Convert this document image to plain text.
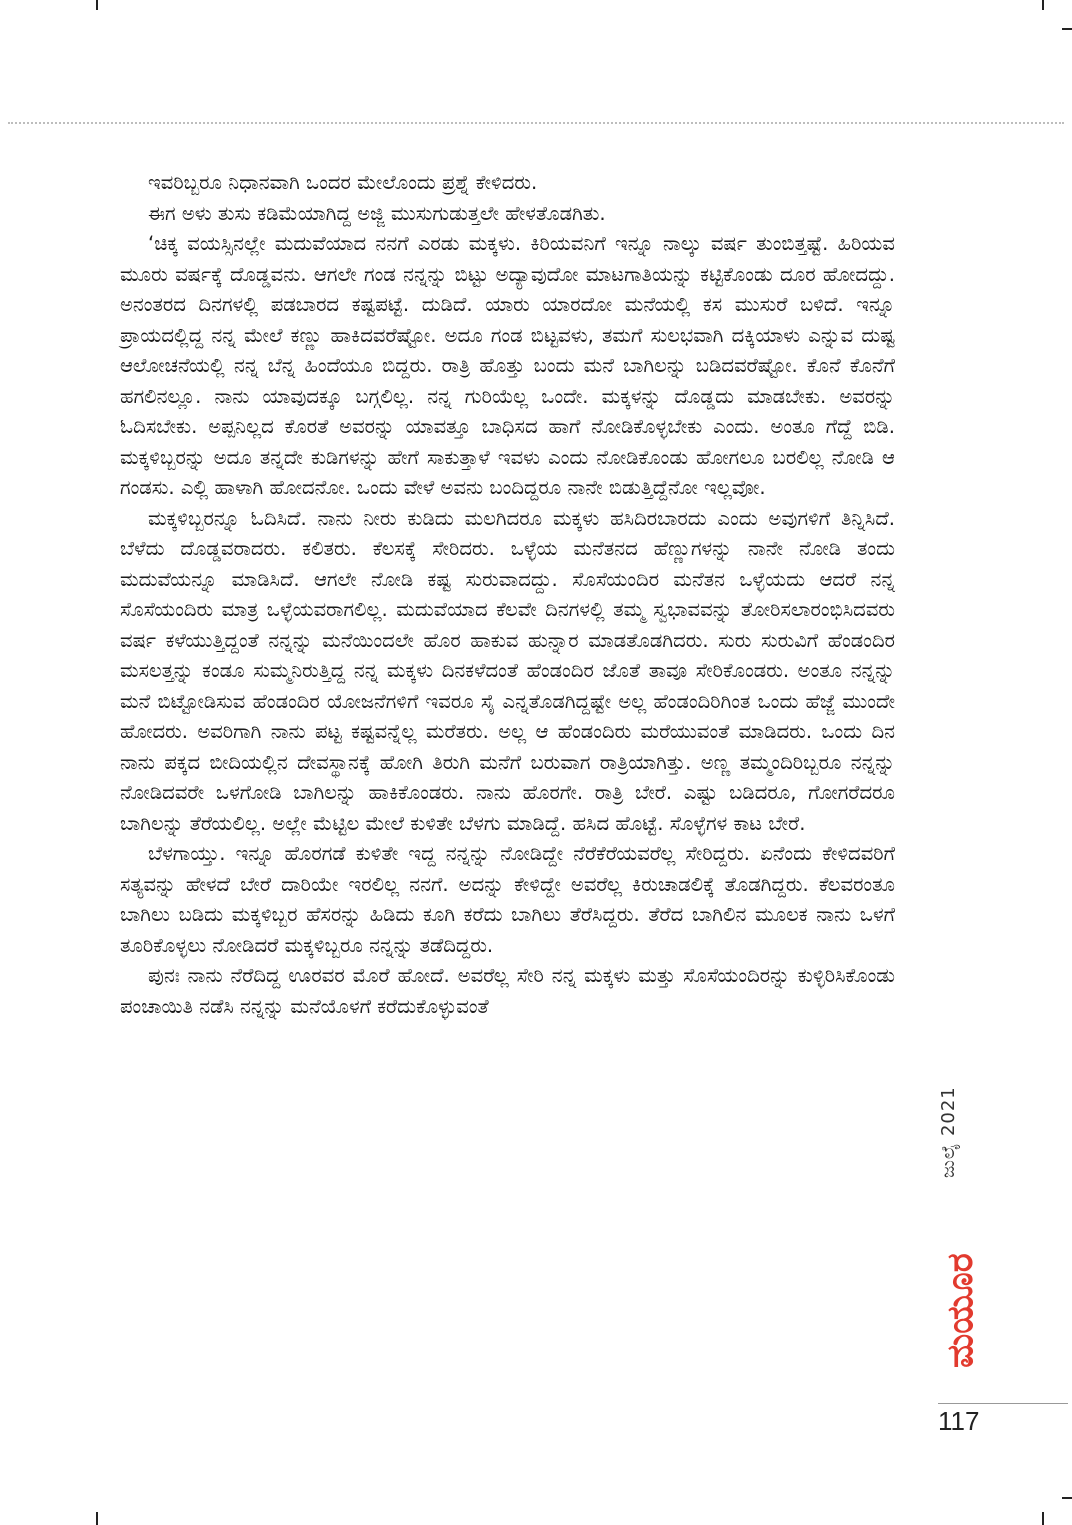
ಇವರಿಬ್ಬರೂ ನಿಧಾನವಾಗಿ ಒಂದರ ಮೇಲೊಂದು ಪ್ರಶ್ನೆ ಕೇಳಿದರು.

ಈಗ ಅಳು ತುಸು ಕಡಿಮೆಯಾಗಿದ್ದ ಅಜ್ಜಿ ಮುಸುಗುಡುತ್ತಲೇ ಹೇಳತೊಡಗಿತು.

‘ಚಿಕ್ಕ ವಯಸ್ಸಿನಲ್ಲೇ ಮದುವೆಯಾದ ನನಗೆ ಎರಡು ಮಕ್ಕಳು. ಕಿರಿಯವನಿಗೆ ಇನ್ನೂ ನಾಲ್ಕು ವರ್ಷ ತುಂಬಿತ್ತಷ್ಟೆ. ಹಿರಿಯವ ಮೂರು ವರ್ಷಕ್ಕೆ ದೊಡ್ಡವನು. ಆಗಲೇ ಗಂಡ ನನ್ನನ್ನು ಬಿಟ್ಟು ಅದ್ಯಾವುದೋ ಮಾಟಗಾತಿಯನ್ನು ಕಟ್ಟಿಕೊಂಡು ದೂರ ಹೋದದ್ದು. ಅನಂತರದ ದಿನಗಳಲ್ಲಿ ಪಡಬಾರದ ಕಷ್ಟಪಟ್ಟೆ. ದುಡಿದೆ. ಯಾರು ಯಾರದೋ ಮನೆಯಲ್ಲಿ ಕಸ ಮುಸುರೆ ಬಳಿದೆ. ಇನ್ನೂ ಪ್ರಾಯದಲ್ಲಿದ್ದ ನನ್ನ ಮೇಲೆ ಕಣ್ಣು ಹಾಕಿದವರೆಷ್ಟೋ. ಅದೂ ಗಂಡ ಬಿಟ್ಟವಳು, ತಮಗೆ ಸುಲಭವಾಗಿ ದಕ್ಕಿಯಾಳು ಎನ್ನುವ ದುಷ್ಟ ಆಲೋಚನೆಯಲ್ಲಿ ನನ್ನ ಬೆನ್ನ ಹಿಂದೆಯೂ ಬಿದ್ದರು. ರಾತ್ರಿ ಹೊತ್ತು ಬಂದು ಮನೆ ಬಾಗಿಲನ್ನು ಬಡಿದವರೆಷ್ಟೋ. ಕೊನೆ ಕೊನೆಗೆ ಹಗಲಿನಲ್ಲೂ. ನಾನು ಯಾವುದಕ್ಕೂ ಬಗ್ಗಲಿಲ್ಲ. ನನ್ನ ಗುರಿಯೆಲ್ಲ ಒಂದೇ. ಮಕ್ಕಳನ್ನು ದೊಡ್ಡದು ಮಾಡಬೇಕು. ಅವರನ್ನು ಓದಿಸಬೇಕು. ಅಪ್ಪನಿಲ್ಲದ ಕೊರತೆ ಅವರನ್ನು ಯಾವತ್ತೂ ಬಾಧಿಸದ ಹಾಗೆ ನೋಡಿಕೊಳ್ಳಬೇಕು ಎಂದು. ಅಂತೂ ಗೆದ್ದೆ ಬಿಡಿ. ಮಕ್ಕಳಿಬ್ಬರನ್ನು ಅದೂ ತನ್ನದೇ ಕುಡಿಗಳನ್ನು ಹೇಗೆ ಸಾಕುತ್ತಾಳೆ ಇವಳು ಎಂದು ನೋಡಿಕೊಂಡು ಹೋಗಲೂ ಬರಲಿಲ್ಲ ನೋಡಿ ಆ ಗಂಡಸು. ಎಲ್ಲಿ ಹಾಳಾಗಿ ಹೋದನೋ. ಒಂದು ವೇಳೆ ಅವನು ಬಂದಿದ್ದರೂ ನಾನೇ ಬಿಡುತ್ತಿದ್ದೆನೋ ಇಲ್ಲವೋ.

ಮಕ್ಕಳಿಬ್ಬರನ್ನೂ ಓದಿಸಿದೆ. ನಾನು ನೀರು ಕುಡಿದು ಮಲಗಿದರೂ ಮಕ್ಕಳು ಹಸಿದಿರಬಾರದು ಎಂದು ಅವುಗಳಿಗೆ ತಿನ್ನಿಸಿದೆ. ಬೆಳೆದು ದೊಡ್ಡವರಾದರು. ಕಲಿತರು. ಕೆಲಸಕ್ಕೆ ಸೇರಿದರು. ಒಳ್ಳೆಯ ಮನೆತನದ ಹೆಣ್ಣುಗಳನ್ನು ನಾನೇ ನೋಡಿ ತಂದು ಮದುವೆಯನ್ನೂ ಮಾಡಿಸಿದೆ. ಆಗಲೇ ನೋಡಿ ಕಷ್ಟ ಸುರುವಾದದ್ದು. ಸೊಸೆಯಂದಿರ ಮನೆತನ ಒಳ್ಳೆಯದು ಆದರೆ ನನ್ನ ಸೊಸೆಯಂದಿರು ಮಾತ್ರ ಒಳ್ಳೆಯವರಾಗಲಿಲ್ಲ. ಮದುವೆಯಾದ ಕೆಲವೇ ದಿನಗಳಲ್ಲಿ ತಮ್ಮ ಸ್ವಭಾವವನ್ನು ತೋರಿಸಲಾರಂಭಿಸಿದವರು ವರ್ಷ ಕಳೆಯುತ್ತಿದ್ದಂತೆ ನನ್ನನ್ನು ಮನೆಯಿಂದಲೇ ಹೊರ ಹಾಕುವ ಹುನ್ನಾರ ಮಾಡತೊಡಗಿದರು. ಸುರು ಸುರುವಿಗೆ ಹೆಂಡಂದಿರ ಮಸಲತ್ತನ್ನು ಕಂಡೂ ಸುಮ್ಮನಿರುತ್ತಿದ್ದ ನನ್ನ ಮಕ್ಕಳು ದಿನಕಳೆದಂತೆ ಹೆಂಡಂದಿರ ಜೊತೆ ತಾವೂ ಸೇರಿಕೊಂಡರು. ಅಂತೂ ನನ್ನನ್ನು ಮನೆ ಬಿಟ್ಟೋಡಿಸುವ ಹೆಂಡಂದಿರ ಯೋಜನೆಗಳಿಗೆ ಇವರೂ ಸೈ ಎನ್ನತೊಡಗಿದ್ದಷ್ಟೇ ಅಲ್ಲ ಹೆಂಡಂದಿರಿಗಿಂತ ಒಂದು ಹೆಜ್ಜೆ ಮುಂದೇ ಹೋದರು. ಅವರಿಗಾಗಿ ನಾನು ಪಟ್ಟ ಕಷ್ಟವನ್ನೆಲ್ಲ ಮರೆತರು. ಅಲ್ಲ ಆ ಹೆಂಡಂದಿರು ಮರೆಯುವಂತೆ ಮಾಡಿದರು. ಒಂದು ದಿನ ನಾನು ಪಕ್ಕದ ಬೀದಿಯಲ್ಲಿನ ದೇವಸ್ಥಾನಕ್ಕೆ ಹೋಗಿ ತಿರುಗಿ ಮನೆಗೆ ಬರುವಾಗ ರಾತ್ರಿಯಾಗಿತ್ತು. ಅಣ್ಣ ತಮ್ಮಂದಿರಿಬ್ಬರೂ ನನ್ನನ್ನು ನೋಡಿದವರೇ ಒಳಗೋಡಿ ಬಾಗಿಲನ್ನು ಹಾಕಿಕೊಂಡರು. ನಾನು ಹೊರಗೇ. ರಾತ್ರಿ ಬೇರೆ. ಎಷ್ಟು ಬಡಿದರೂ, ಗೋಗರೆದರೂ ಬಾಗಿಲನ್ನು ತೆರೆಯಲಿಲ್ಲ. ಅಲ್ಲೇ ಮೆಟ್ಟಿಲ ಮೇಲೆ ಕುಳಿತೇ ಬೆಳಗು ಮಾಡಿದ್ದೆ. ಹಸಿದ ಹೊಟ್ಟೆ. ಸೊಳ್ಳೆಗಳ ಕಾಟ ಬೇರೆ.

ಬೆಳಗಾಯ್ತು. ಇನ್ನೂ ಹೊರಗಡೆ ಕುಳಿತೇ ಇದ್ದ ನನ್ನನ್ನು ನೋಡಿದ್ದೇ ನೆರೆಕೆರೆಯವರೆಲ್ಲ ಸೇರಿದ್ದರು. ಏನೆಂದು ಕೇಳಿದವರಿಗೆ ಸತ್ಯವನ್ನು ಹೇಳದೆ ಬೇರೆ ದಾರಿಯೇ ಇರಲಿಲ್ಲ ನನಗೆ. ಅದನ್ನು ಕೇಳಿದ್ದೇ ಅವರೆಲ್ಲ ಕಿರುಚಾಡಲಿಕ್ಕೆ ತೊಡಗಿದ್ದರು. ಕೆಲವರಂತೂ ಬಾಗಿಲು ಬಡಿದು ಮಕ್ಕಳಿಬ್ಬರ ಹೆಸರನ್ನು ಹಿಡಿದು ಕೂಗಿ ಕರೆದು ಬಾಗಿಲು ತೆರೆಸಿದ್ದರು. ತೆರೆದ ಬಾಗಿಲಿನ ಮೂಲಕ ನಾನು ಒಳಗೆ ತೂರಿಕೊಳ್ಳಲು ನೋಡಿದರೆ ಮಕ್ಕಳಿಬ್ಬರೂ ನನ್ನನ್ನು ತಡೆದಿದ್ದರು.

ಪುನಃ ನಾನು ನೆರೆದಿದ್ದ ಊರವರ ಮೊರೆ ಹೋದೆ. ಅವರೆಲ್ಲ ಸೇರಿ ನನ್ನ ಮಕ್ಕಳು ಮತ್ತು ಸೊಸೆಯಂದಿರನ್ನು ಕುಳ್ಳಿರಿಸಿಕೊಂಡು ಪಂಚಾಯಿತಿ ನಡೆಸಿ ನನ್ನನ್ನು ಮನೆಯೊಳಗೆ ಕರೆದುಕೊಳ್ಳುವಂತೆ

ಜುಲೈ 2021
ಮಯೂರ
117
